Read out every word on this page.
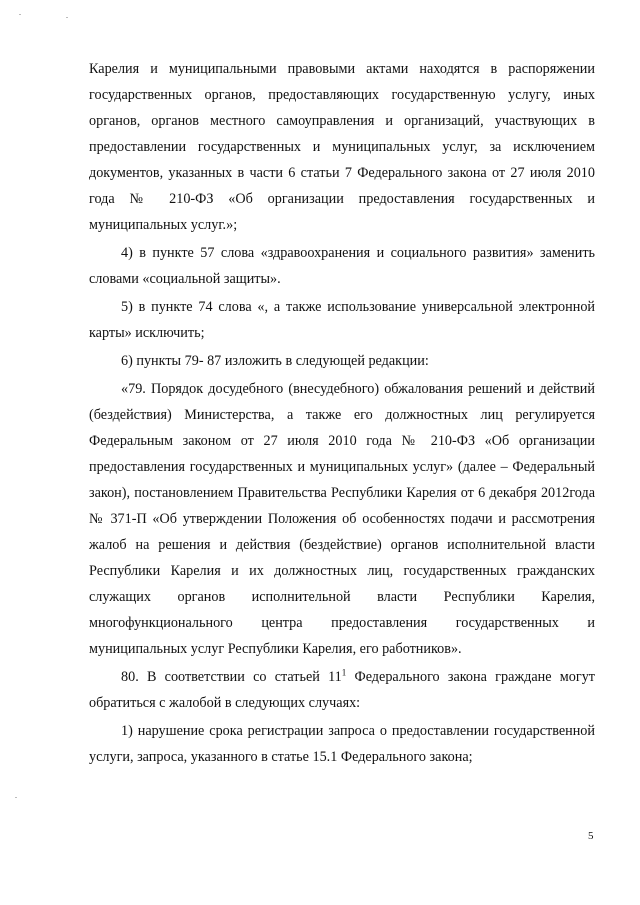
Карелия и муниципальными правовыми актами находятся в распоряжении государственных органов, предоставляющих государственную услугу, иных органов, органов местного самоуправления и организаций, участвующих в предоставлении государственных и муниципальных услуг, за исключением документов, указанных в части 6 статьи 7 Федерального закона от 27 июля 2010 года № 210-ФЗ «Об организации предоставления государственных и муниципальных услуг.»;

4) в пункте 57 слова «здравоохранения и социального развития» заменить словами «социальной защиты».

5) в пункте 74 слова «, а также использование универсальной электронной карты» исключить;

6) пункты 79- 87 изложить в следующей редакции:

«79. Порядок досудебного (внесудебного) обжалования решений и действий (бездействия) Министерства, а также его должностных лиц регулируется Федеральным законом от 27 июля 2010 года № 210-ФЗ «Об организации предоставления государственных и муниципальных услуг» (далее – Федеральный закон), постановлением Правительства Республики Карелия от 6 декабря 2012года № 371-П «Об утверждении Положения об особенностях подачи и рассмотрения жалоб на решения и действия (бездействие) органов исполнительной власти Республики Карелия и их должностных лиц, государственных гражданских служащих органов исполнительной власти Республики Карелия, многофункционального центра предоставления государственных и муниципальных услуг Республики Карелия, его работников».

80. В соответствии со статьей $11^1$ Федерального закона граждане могут обратиться с жалобой в следующих случаях:

1) нарушение срока регистрации запроса о предоставлении государственной услуги, запроса, указанного в статье 15.1 Федерального закона;

5
